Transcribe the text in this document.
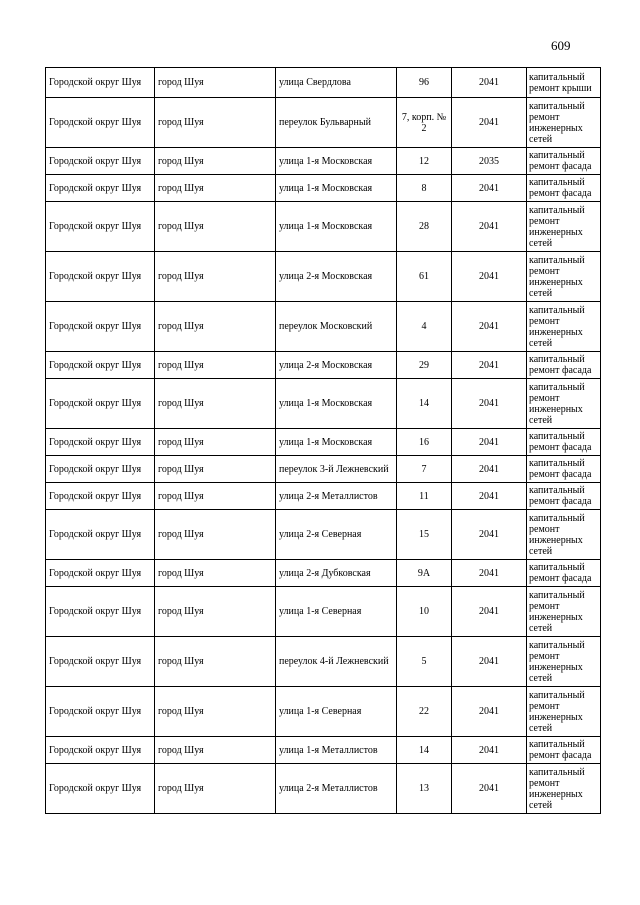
609
Городской округ Шуя	город Шуя	улица Свердлова	96	2041	капитальный ремонт крыши
Городской округ Шуя	город Шуя	переулок Бульварный	7, корп. № 2	2041	капитальный ремонт инженерных сетей
Городской округ Шуя	город Шуя	улица 1-я Московская	12	2035	капитальный ремонт фасада
Городской округ Шуя	город Шуя	улица 1-я Московская	8	2041	капитальный ремонт фасада
Городской округ Шуя	город Шуя	улица 1-я Московская	28	2041	капитальный ремонт инженерных сетей
Городской округ Шуя	город Шуя	улица 2-я Московская	61	2041	капитальный ремонт инженерных сетей
Городской округ Шуя	город Шуя	переулок Московский	4	2041	капитальный ремонт инженерных сетей
Городской округ Шуя	город Шуя	улица 2-я Московская	29	2041	капитальный ремонт фасада
Городской округ Шуя	город Шуя	улица 1-я Московская	14	2041	капитальный ремонт инженерных сетей
Городской округ Шуя	город Шуя	улица 1-я Московская	16	2041	капитальный ремонт фасада
Городской округ Шуя	город Шуя	переулок 3-й Лежневский	7	2041	капитальный ремонт фасада
Городской округ Шуя	город Шуя	улица 2-я Металлистов	11	2041	капитальный ремонт фасада
Городской округ Шуя	город Шуя	улица 2-я Северная	15	2041	капитальный ремонт инженерных сетей
Городской округ Шуя	город Шуя	улица 2-я Дубковская	9А	2041	капитальный ремонт фасада
Городской округ Шуя	город Шуя	улица 1-я Северная	10	2041	капитальный ремонт инженерных сетей
Городской округ Шуя	город Шуя	переулок 4-й Лежневский	5	2041	капитальный ремонт инженерных сетей
Городской округ Шуя	город Шуя	улица 1-я Северная	22	2041	капитальный ремонт инженерных сетей
Городской округ Шуя	город Шуя	улица 1-я Металлистов	14	2041	капитальный ремонт фасада
Городской округ Шуя	город Шуя	улица 2-я Металлистов	13	2041	капитальный ремонт инженерных сетей
